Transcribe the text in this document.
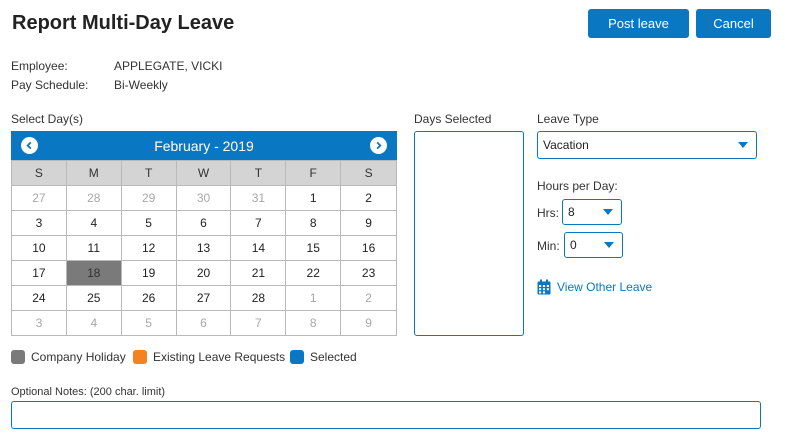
Report Multi-Day Leave	Post leave	Cancel
Employee:	APPLEGATE, VICKI
Pay Schedule: Bi-Weekly
Select Day(s)
February - 2019
S	M	T	W	T	F	S
27	28	29	30	31	1	2
3	4	5	6	7	8	9
10	11	12	13	14	15	16
17	18	19	20	21	22	23
24	25	26	27	28	1	2
3	4	5	6	7	8	9
Company Holiday Existing Leave Requests Selected
Days Selected	Leave Type
Vacation
Hours per Day:
Hrs: 8
Min: 0
View Other Leave
Optional Notes: (200 char. limit)
